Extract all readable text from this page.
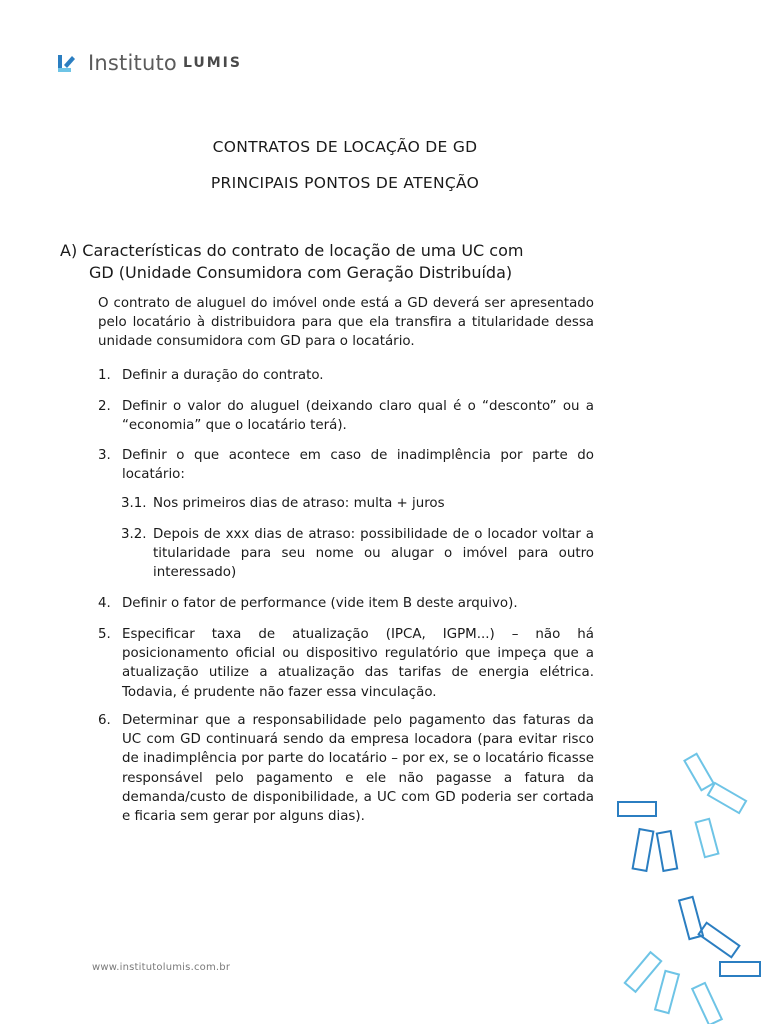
Instituto LUMIS
CONTRATOS DE LOCAÇÃO DE GD
PRINCIPAIS PONTOS DE ATENÇÃO
A) Características do contrato de locação de uma UC com
GD (Unidade Consumidora com Geração Distribuída)
O contrato de aluguel do imóvel onde está a GD deverá ser apresentado pelo locatário à distribuidora para que ela transfira a titularidade dessa unidade consumidora com GD para o locatário.
1. Definir a duração do contrato.
2. Definir o valor do aluguel (deixando claro qual é o “desconto” ou a “economia” que o locatário terá).
3. Definir o que acontece em caso de inadimplência por parte do locatário:
3.1. Nos primeiros dias de atraso: multa + juros
3.2. Depois de xxx dias de atraso: possibilidade de o locador voltar a titularidade para seu nome ou alugar o imóvel para outro interessado)
4. Definir o fator de performance (vide item B deste arquivo).
5. Especificar taxa de atualização (IPCA, IGPM...) – não há posicionamento oficial ou dispositivo regulatório que impeça que a atualização utilize a atualização das tarifas de energia elétrica. Todavia, é prudente não fazer essa vinculação.
6. Determinar que a responsabilidade pelo pagamento das faturas da UC com GD continuará sendo da empresa locadora (para evitar risco de inadimplência por parte do locatário – por ex, se o locatário ficasse responsável pelo pagamento e ele não pagasse a fatura da demanda/custo de disponibilidade, a UC com GD poderia ser cortada e ficaria sem gerar por alguns dias).
www.institutolumis.com.br
